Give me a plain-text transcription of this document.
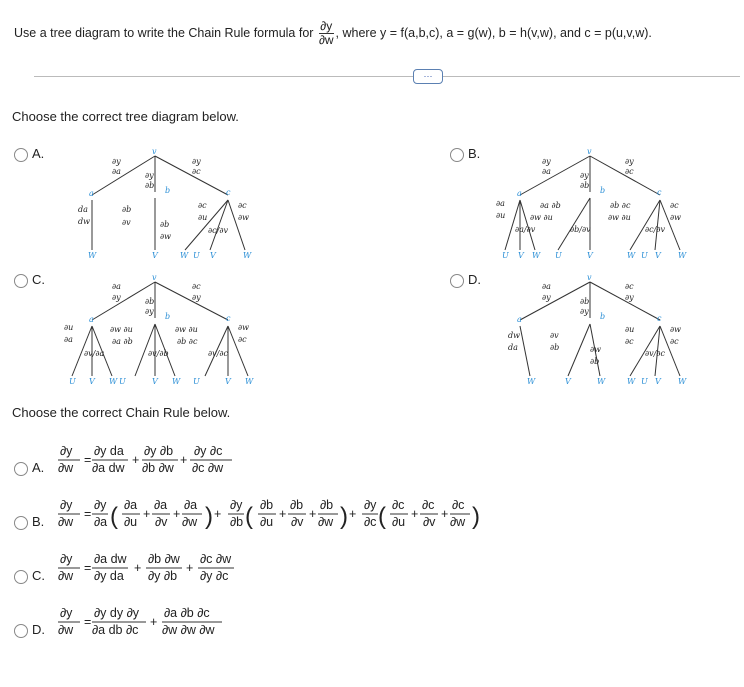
Use a tree diagram to write the Chain Rule formula for $\frac{\partial y}{\partial w}$ , where y = f(a,b,c), a = g(w), b = h(v,w), and c = p(u,v,w).
···
Choose the correct tree diagram below.
A.	B.
C.	D.
v
a	b	c
W	V	W U V	W
∂y
∂a	∂y
∂b
∂y
∂c
da
dw
∂b
∂v	∂b
∂w
∂c
∂u
∂c
∂w
∂c/∂v
v
a	b	c
U V W U	V	W U V W
∂y
∂a	∂y
∂b
∂y
∂c
∂a
∂u
∂a ∂b
∂w ∂u
∂a/∂v	∂b/∂v
∂b ∂c
∂w ∂u
∂c
∂w
∂c/∂v
v
a	b	c
U V W U	V W U	V W
∂a
∂y	∂b
∂y
∂c
∂y
∂u
∂a
∂w ∂u
∂a ∂b
∂v/∂a	∂v/∂b
∂w ∂u
∂b ∂c
∂w
∂c
∂v/∂c
v
a	b	c
W	V	W	W U V W
∂a
∂y	∂b
∂y
∂c
∂y
dw
da
∂v
∂b	∂w
∂b
∂u
∂c
∂w
∂c
∂v/∂c
Choose the correct Chain Rule below.
A.
B.
C.
D.
∂y
∂w
=
∂y da
∂a dw
+
∂y ∂b
∂b ∂w
+
∂y ∂c
∂c ∂w
∂y
∂w
=
∂y
∂a ( ∂a
∂u
+
∂a
∂v
+
∂a
∂w ) +
∂y
∂b ( ∂b
∂u
+
∂b
∂v
+
∂b
∂w ) +
∂y
∂c ( ∂c
∂u
+
∂c
∂v
+
∂c
∂w )
∂y
∂w
=
∂a dw
∂y da
+
∂b ∂w
∂y ∂b
+
∂c ∂w
∂y ∂c
∂y
∂w
=
∂y dy ∂y
∂a db ∂c
+
∂a ∂b ∂c
∂w ∂w ∂w
